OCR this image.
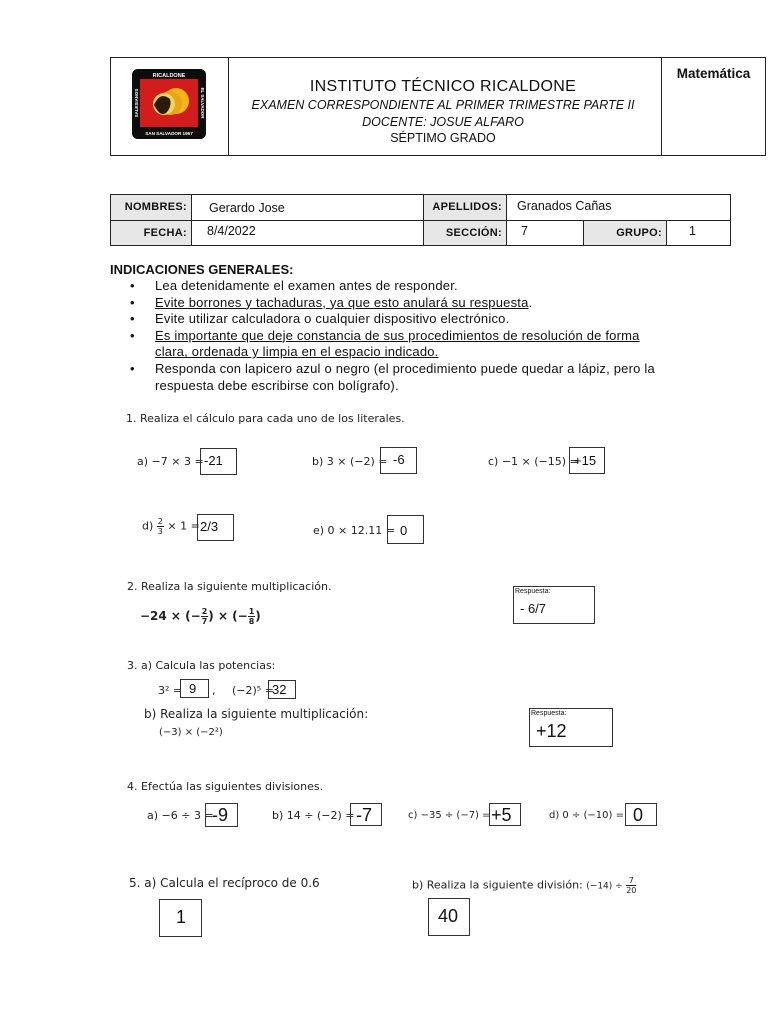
RICALDONE
SAN SALVADOR 1957
SALESIANOS	EL SALVADOR
INSTITUTO TÉCNICO RICALDONE
EXAMEN CORRESPONDIENTE AL PRIMER TRIMESTRE PARTE II
DOCENTE: JOSUE ALFARO
SÉPTIMO GRADO
Matemática
NOMBRES:	Gerardo Jose	APELLIDOS:	Granados Cañas
FECHA:	8/4/2022	SECCIÓN:	7	GRUPO:	1
INDICACIONES GENERALES:
• Lea detenidamente el examen antes de responder.
• Evite borrones y tachaduras, ya que esto anulará su respuesta.
• Evite utilizar calculadora o cualquier dispositivo electrónico.
• Es importante que deje constancia de sus procedimientos de resolución de forma clara, ordenada y limpia en el espacio indicado.
• Responda con lapicero azul o negro (el procedimiento puede quedar a lápiz, pero la respuesta debe escribirse con bolígrafo).
1. Realiza el cálculo para cada uno de los literales.
a) −7 × 3 = -21	b) 3 × (−2) = -6	c) −1 × (−15) =
+15
$d) \frac{2}{3} \times 1 = 2/3$	e) 0 × 12.11 = 0
2. Realiza la siguiente multiplicación.
−24 × (− $\frac{2}{7}$ ) × (− $\frac{1}{8}$ )
Respuesta:
- 6/7
3. a) Calcula las potencias:
3² = 9	, (−2)⁵ =
32
b) Realiza la siguiente multiplicación:
(−3) × (−2²)
Respuesta:
+12
4. Efectúa las siguientes divisiones.
a) −6 ÷ 3 =
-9	b) 14 ÷ (−2) = -7	c) −35 ÷ (−7) = +5	d) 0 ÷ (−10) = 0
5. a) Calcula el recíproco de 0.6
1
b) Realiza la siguiente división: $(-14) \div \frac{7}{20}$
40
